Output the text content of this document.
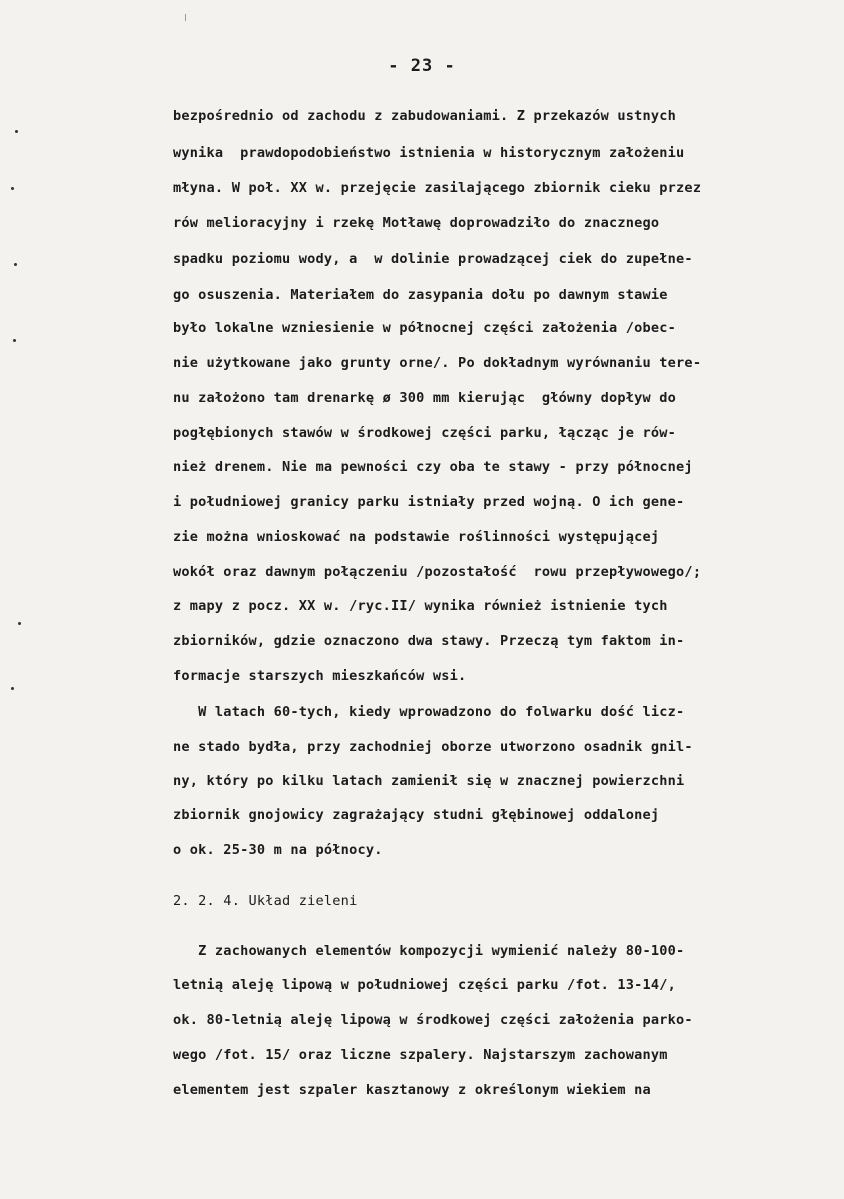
- 23 -
bezpośrednio od zachodu z zabudowaniami. Z przekazów ustnych
wynika  prawdopodobieństwo istnienia w historycznym założeniu
młyna. W poł. XX w. przejęcie zasilającego zbiornik cieku przez
rów melioracyjny i rzekę Motławę doprowadziło do znacznego
spadku poziomu wody, a  w dolinie prowadzącej ciek do zupełne-
go osuszenia. Materiałem do zasypania dołu po dawnym stawie
było lokalne wzniesienie w północnej części założenia /obec-
nie użytkowane jako grunty orne/. Po dokładnym wyrównaniu tere-
nu założono tam drenarkę ø 300 mm kierując  główny dopływ do
pogłębionych stawów w środkowej części parku, łącząc je rów-
nież drenem. Nie ma pewności czy oba te stawy - przy północnej
i południowej granicy parku istniały przed wojną. O ich gene-
zie można wnioskować na podstawie roślinności występującej
wokół oraz dawnym połączeniu /pozostałość  rowu przepływowego/;
z mapy z pocz. XX w. /ryc.II/ wynika również istnienie tych
zbiorników, gdzie oznaczono dwa stawy. Przeczą tym faktom in-
formacje starszych mieszkańców wsi.
W latach 60-tych, kiedy wprowadzono do folwarku dość licz-
ne stado bydła, przy zachodniej oborze utworzono osadnik gnil-
ny, który po kilku latach zamienił się w znacznej powierzchni
zbiornik gnojowicy zagrażający studni głębinowej oddalonej
o ok. 25-30 m na północy.
2. 2. 4. Układ zieleni
Z zachowanych elementów kompozycji wymienić należy 80-100-
letnią aleję lipową w południowej części parku /fot. 13-14/,
ok. 80-letnią aleję lipową w środkowej części założenia parko-
wego /fot. 15/ oraz liczne szpalery. Najstarszym zachowanym
elementem jest szpaler kasztanowy z określonym wiekiem na
